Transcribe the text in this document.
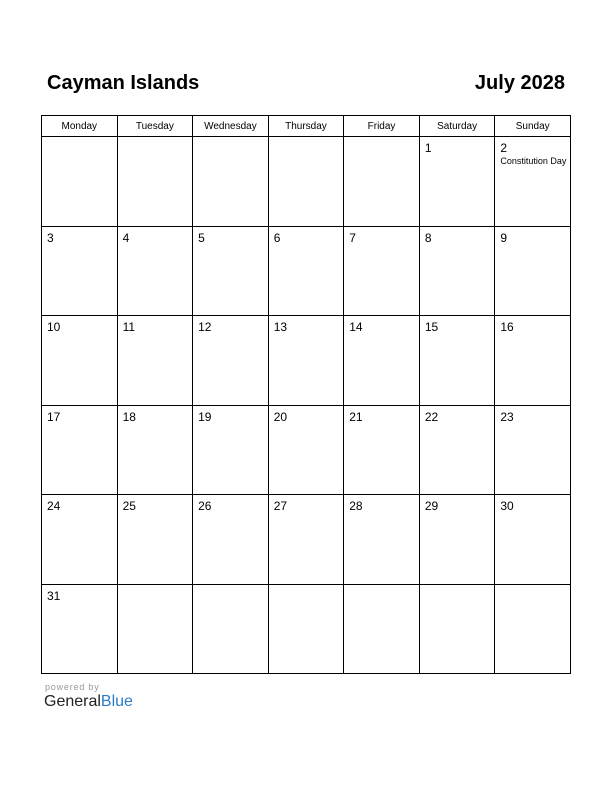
Cayman Islands	July 2028
Monday	Tuesday	Wednesday	Thursday	Friday	Saturday	Sunday

					1	2
Constitution Day

3	4	5	6	7	8	9

10	11	12	13	14	15	16

17	18	19	20	21	22	23

24	25	26	27	28	29	30

31						

powered by
GeneralBlue
